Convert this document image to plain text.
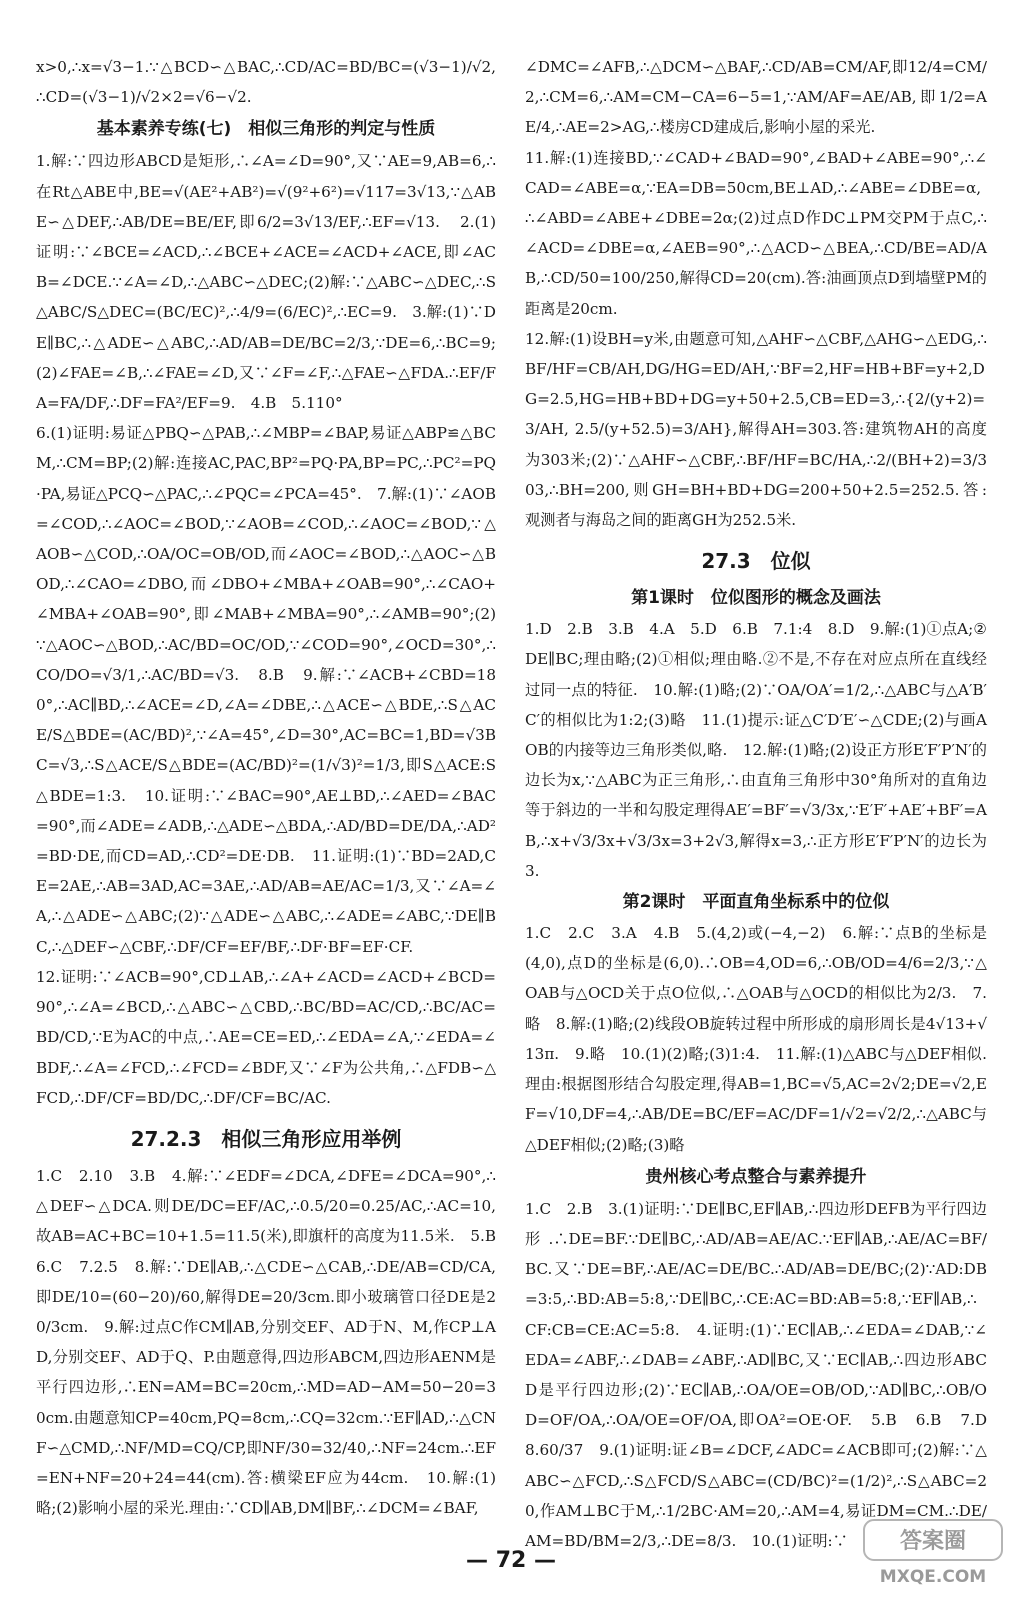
x>0,∴x=√3−1.∵△BCD∽△BAC,∴CD/AC=BD/BC=(√3−1)/√2,∴CD=(√3−1)/√2×2=√6−√2.

基本素养专练(七)　相似三角形的判定与性质

1.解:∵四边形ABCD是矩形,∴∠A=∠D=90°,又∵AE=9,AB=6,∴在Rt△ABE中,BE=√(AE²+AB²)=√(9²+6²)=√117=3√13,∵△ABE∽△DEF,∴AB/DE=BE/EF,即6/2=3√13/EF,∴EF=√13.　2.(1)证明:∵∠BCE=∠ACD,∴∠BCE+∠ACE=∠ACD+∠ACE,即∠ACB=∠DCE.∵∠A=∠D,∴△ABC∽△DEC;(2)解:∵△ABC∽△DEC,∴S△ABC/S△DEC=(BC/EC)²,∴4/9=(6/EC)²,∴EC=9.　3.解:(1)∵DE∥BC,∴△ADE∽△ABC,∴AD/AB=DE/BC=2/3,∵DE=6,∴BC=9;(2)∠FAE=∠B,∴∠FAE=∠D,又∵∠F=∠F,∴△FAE∽△FDA.∴EF/FA=FA/DF,∴DF=FA²/EF=9.　4.B　5.110°

6.(1)证明:易证△PBQ∽△PAB,∴∠MBP=∠BAP,易证△ABP≌△BCM,∴CM=BP;(2)解:连接AC,PAC,BP²=PQ·PA,BP=PC,∴PC²=PQ·PA,易证△PCQ∽△PAC,∴∠PQC=∠PCA=45°.　7.解:(1)∵∠AOB=∠COD,∴∠AOC=∠BOD,∵∠AOB=∠COD,∴∠AOC=∠BOD,∵△AOB∽△COD,∴OA/OC=OB/OD,而∠AOC=∠BOD,∴△AOC∽△BOD,∴∠CAO=∠DBO,而∠DBO+∠MBA+∠OAB=90°,∴∠CAO+∠MBA+∠OAB=90°,即∠MAB+∠MBA=90°,∴∠AMB=90°;(2)∵△AOC∽△BOD,∴AC/BD=OC/OD,∵∠COD=90°,∠OCD=30°,∴CO/DO=√3/1,∴AC/BD=√3.　8.B　9.解:∵∠ACB+∠CBD=180°,∴AC∥BD,∴∠ACE=∠D,∠A=∠DBE,∴△ACE∽△BDE,∴S△ACE/S△BDE=(AC/BD)²,∵∠A=45°,∠D=30°,AC=BC=1,BD=√3BC=√3,∴S△ACE/S△BDE=(AC/BD)²=(1/√3)²=1/3,即S△ACE:S△BDE=1:3.　10.证明:∵∠BAC=90°,AE⊥BD,∴∠AED=∠BAC=90°,而∠ADE=∠ADB,∴△ADE∽△BDA,∴AD/BD=DE/DA,∴AD²=BD·DE,而CD=AD,∴CD²=DE·DB.　11.证明:(1)∵BD=2AD,CE=2AE,∴AB=3AD,AC=3AE,∴AD/AB=AE/AC=1/3,又∵∠A=∠A,∴△ADE∽△ABC;(2)∵△ADE∽△ABC,∴∠ADE=∠ABC,∵DE∥BC,∴△DEF∽△CBF,∴DF/CF=EF/BF,∴DF·BF=EF·CF.

12.证明:∵∠ACB=90°,CD⊥AB,∴∠A+∠ACD=∠ACD+∠BCD=90°,∴∠A=∠BCD,∴△ABC∽△CBD,∴BC/BD=AC/CD,∴BC/AC=BD/CD,∵E为AC的中点,∴AE=CE=ED,∴∠EDA=∠A,∵∠EDA=∠BDF,∴∠A=∠FCD,∴∠FCD=∠BDF,又∵∠F为公共角,∴△FDB∽△FCD,∴DF/CF=BD/DC,∴DF/CF=BC/AC.

27.2.3　相似三角形应用举例

1.C　2.10　3.B　4.解:∵∠EDF=∠DCA,∠DFE=∠DCA=90°,∴△DEF∽△DCA.则DE/DC=EF/AC,∴0.5/20=0.25/AC,∴AC=10,故AB=AC+BC=10+1.5=11.5(米),即旗杆的高度为11.5米.　5.B　6.C　7.2.5　8.解:∵DE∥AB,∴△CDE∽△CAB,∴DE/AB=CD/CA,即DE/10=(60−20)/60,解得DE=20/3cm.即小玻璃管口径DE是20/3cm.　9.解:过点C作CM∥AB,分别交EF、AD于N、M,作CP⊥AD,分别交EF、AD于Q、P.由题意得,四边形ABCM,四边形AENM是平行四边形,∴EN=AM=BC=20cm,∴MD=AD−AM=50−20=30cm.由题意知CP=40cm,PQ=8cm,∴CQ=32cm.∵EF∥AD,∴△CNF∽△CMD,∴NF/MD=CQ/CP,即NF/30=32/40,∴NF=24cm.∴EF=EN+NF=20+24=44(cm).答:横梁EF应为44cm.　10.解:(1)略;(2)影响小屋的采光.理由:∵CD∥AB,DM∥BF,∴∠DCM=∠BAF,

∠DMC=∠AFB,∴△DCM∽△BAF,∴CD/AB=CM/AF,即12/4=CM/2,∴CM=6,∴AM=CM−CA=6−5=1,∵AM/AF=AE/AB,即1/2=AE/4,∴AE=2>AG,∴楼房CD建成后,影响小屋的采光.

11.解:(1)连接BD,∵∠CAD+∠BAD=90°,∠BAD+∠ABE=90°,∴∠CAD=∠ABE=α,∵EA=DB=50cm,BE⊥AD,∴∠ABE=∠DBE=α,∴∠ABD=∠ABE+∠DBE=2α;(2)过点D作DC⊥PM交PM于点C,∴∠ACD=∠DBE=α,∠AEB=90°,∴△ACD∽△BEA,∴CD/BE=AD/AB,∴CD/50=100/250,解得CD=20(cm).答:油画顶点D到墙壁PM的距离是20cm.

12.解:(1)设BH=y米,由题意可知,△AHF∽△CBF,△AHG∽△EDG,∴BF/HF=CB/AH,DG/HG=ED/AH,∵BF=2,HF=HB+BF=y+2,DG=2.5,HG=HB+BD+DG=y+50+2.5,CB=ED=3,∴{2/(y+2)=3/AH, 2.5/(y+52.5)=3/AH},解得AH=303.答:建筑物AH的高度为303米;(2)∵△AHF∽△CBF,∴BF/HF=BC/HA,∴2/(BH+2)=3/303,∴BH=200,则GH=BH+BD+DG=200+50+2.5=252.5.答:观测者与海岛之间的距离GH为252.5米.

27.3　位似

第1课时　位似图形的概念及画法

1.D　2.B　3.B　4.A　5.D　6.B　7.1:4　8.D　9.解:(1)①点A;②DE∥BC;理由略;(2)①相似;理由略.②不是,不存在对应点所在直线经过同一点的特征.　10.解:(1)略;(2)∵OA/OA′=1/2,∴△ABC与△A′B′C′的相似比为1:2;(3)略　11.(1)提示:证△C′D′E′∽△CDE;(2)与画AOB的内接等边三角形类似,略.　12.解:(1)略;(2)设正方形E′F′P′N′的边长为x,∵△ABC为正三角形,∴由直角三角形中30°角所对的直角边等于斜边的一半和勾股定理得AE′=BF′=√3/3x,∵E′F′+AE′+BF′=AB,∴x+√3/3x+√3/3x=3+2√3,解得x=3,∴正方形E′F′P′N′的边长为3.

第2课时　平面直角坐标系中的位似

1.C　2.C　3.A　4.B　5.(4,2)或(−4,−2)　6.解:∵点B的坐标是(4,0),点D的坐标是(6,0).∴OB=4,OD=6,∴OB/OD=4/6=2/3,∵△OAB与△OCD关于点O位似,∴△OAB与△OCD的相似比为2/3.　7.略　8.解:(1)略;(2)线段OB旋转过程中所形成的扇形周长是4√13+√13π.　9.略　10.(1)(2)略;(3)1:4.　11.解:(1)△ABC与△DEF相似.理由:根据图形结合勾股定理,得AB=1,BC=√5,AC=2√2;DE=√2,EF=√10,DF=4,∴AB/DE=BC/EF=AC/DF=1/√2=√2/2,∴△ABC与△DEF相似;(2)略;(3)略

贵州核心考点整合与素养提升

1.C　2.B　3.(1)证明:∵DE∥BC,EF∥AB,∴四边形DEFB为平行四边形.∴DE=BF.∵DE∥BC,∴AD/AB=AE/AC.∵EF∥AB,∴AE/AC=BF/BC.又∵DE=BF,∴AE/AC=DE/BC.∴AD/AB=DE/BC;(2)∵AD:DB=3:5,∴BD:AB=5:8,∵DE∥BC,∴CE:AC=BD:AB=5:8,∵EF∥AB,∴CF:CB=CE:AC=5:8.　4.证明:(1)∵EC∥AB,∴∠EDA=∠DAB,∵∠EDA=∠ABF,∴∠DAB=∠ABF,∴AD∥BC,又∵EC∥AB,∴四边形ABCD是平行四边形;(2)∵EC∥AB,∴OA/OE=OB/OD,∵AD∥BC,∴OB/OD=OF/OA,∴OA/OE=OF/OA,即OA²=OE·OF.　5.B　6.B　7.D　8.60/37　9.(1)证明:证∠B=∠DCF,∠ADC=∠ACB即可;(2)解:∵△ABC∽△FCD,∴S△FCD/S△ABC=(CD/BC)²=(1/2)²,∴S△ABC=20,作AM⊥BC于M,∴1/2BC·AM=20,∴AM=4,易证DM=CM.∴DE/AM=BD/BM=2/3,∴DE=8/3.　10.(1)证明:∵

— 72 —
答案圈
MXQE.COM
